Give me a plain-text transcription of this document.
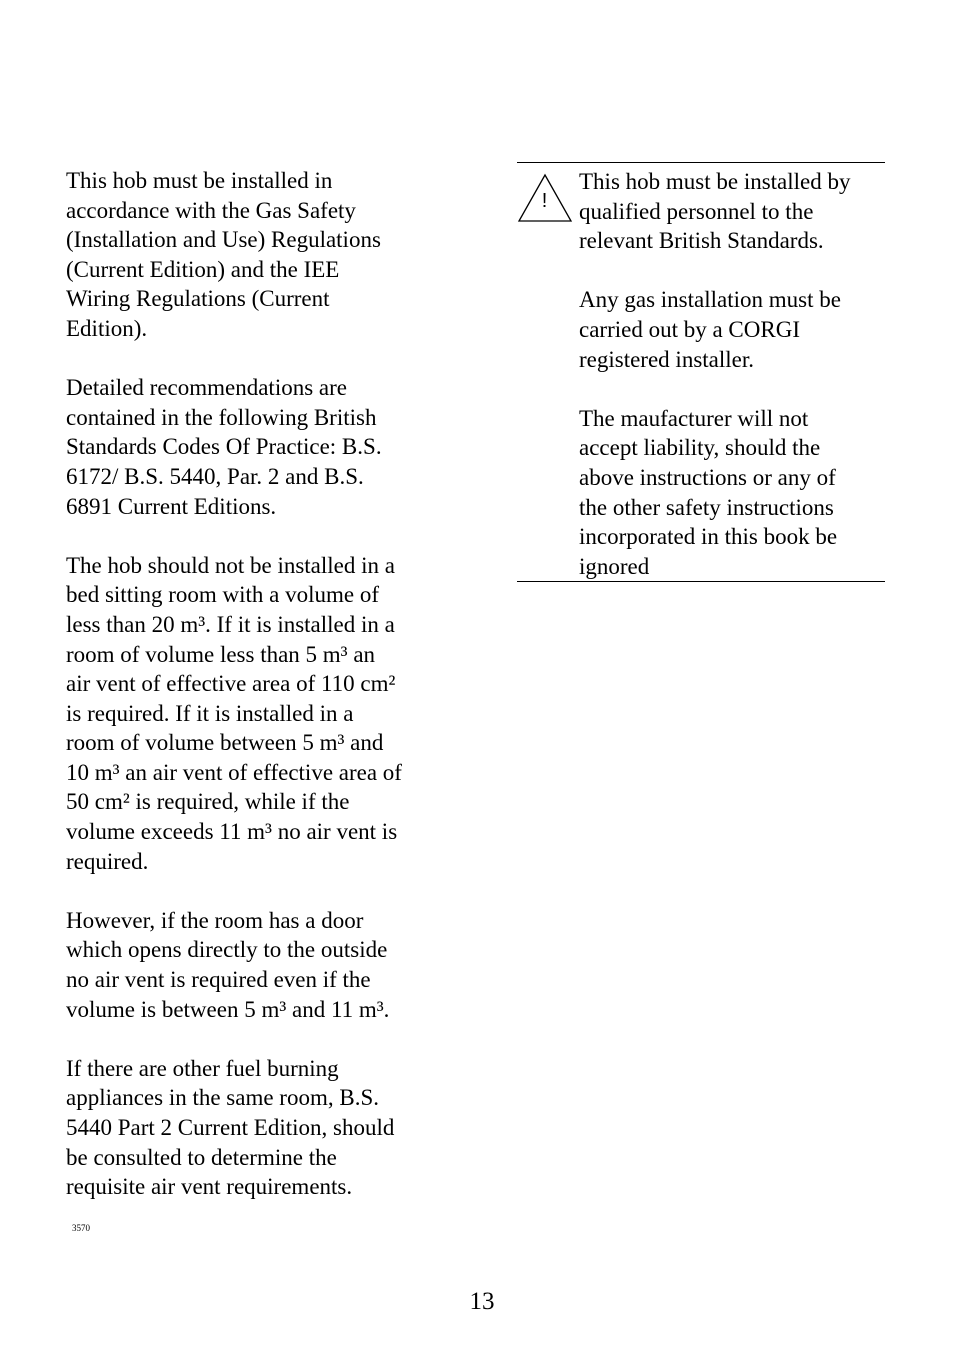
This hob must be installed in
accordance with the Gas Safety
(Installation and Use) Regulations
(Current Edition) and the IEE
Wiring Regulations (Current
Edition).

Detailed recommendations are
contained in the following British
Standards Codes Of Practice: B.S.
6172/ B.S. 5440, Par. 2 and B.S.
6891 Current Editions.

The hob should not be installed in a
bed sitting room with a volume of
less than 20 m³. If it is installed in a
room of volume less than 5 m³ an
air vent of effective area of 110 cm²
is required. If it is installed in a
room of volume between 5 m³ and
10 m³ an air vent of effective area of
50 cm² is required, while if the
volume exceeds 11 m³ no air vent is
required.

However, if the room has a door
which opens directly to the outside
no air vent is required even if the
volume is between 5 m³ and 11 m³.

If there are other fuel burning
appliances in the same room, B.S.
5440 Part 2 Current Edition, should
be consulted to determine the
requisite air vent requirements.

!

This hob must be installed by
qualified personnel to the
relevant British Standards.

Any gas installation must be
carried out by a CORGI
registered installer.

The maufacturer will not
accept liability, should the
above instructions or any of
the other safety instructions
incorporated in this book be
ignored

3570
13
